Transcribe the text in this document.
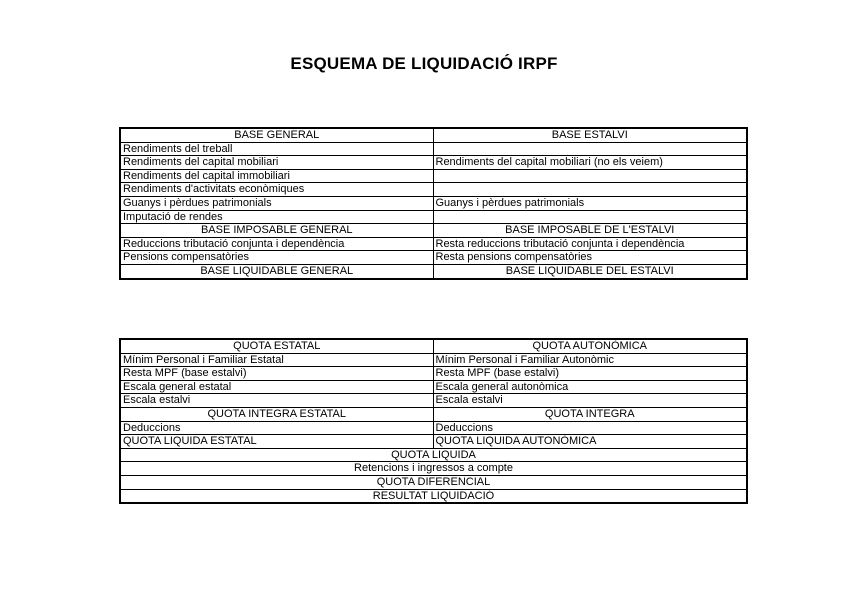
ESQUEMA DE LIQUIDACIÓ IRPF
BASE GENERAL	BASE ESTALVI
Rendiments del treball	
Rendiments del capital mobiliari	Rendiments del capital mobiliari (no els veiem)
Rendiments del capital immobiliari	
Rendiments d'activitats econòmiques	
Guanys i pèrdues patrimonials	Guanys i pèrdues patrimonials
Imputació de rendes	
BASE IMPOSABLE GENERAL	BASE IMPOSABLE DE L'ESTALVI
Reduccions tributació conjunta i dependència	Resta reduccions tributació conjunta i dependència
Pensions compensatòries	Resta pensions compensatòries
BASE LIQUIDABLE GENERAL	BASE LIQUIDABLE DEL ESTALVI
QUOTA ESTATAL	QUOTA AUTONÒMICA
Mínim Personal i Familiar Estatal	Mínim Personal i Familiar Autonòmic
Resta MPF (base estalvi)	Resta MPF (base estalvi)
Escala general estatal	Escala general autonòmica
Escala estalvi	Escala estalvi
QUOTA INTEGRA ESTATAL	QUOTA INTEGRA
Deduccions	Deduccions
QUOTA LIQUIDA ESTATAL	QUOTA LIQUIDA AUTONÒMICA
QUOTA LIQUIDA	
Retencions i ingressos a compte	
QUOTA DIFERENCIAL	
RESULTAT LIQUIDACIÓ	
